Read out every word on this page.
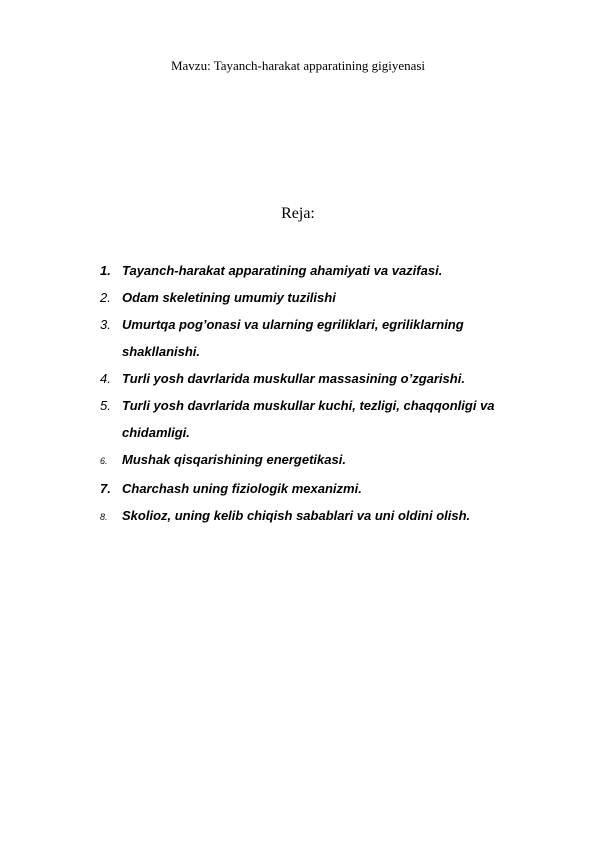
Mavzu: Tayanch-harakat apparatining gigiyenasi
Reja:
1. Tayanch-harakat apparatining ahamiyati va vazifasi.
2. Odam skeletining umumiy tuzilishi
3. Umurtqa pog’onasi va ularning egriliklari, egriliklarning shakllanishi.
4. Turli yosh davrlarida muskullar massasining o’zgarishi.
5. Turli yosh davrlarida muskullar kuchi, tezligi, chaqqonligi va chidamligi.
6.	Mushak qisqarishining energetikasi.
7. Charchash uning fiziologik mexanizmi.
8.	Skolioz, uning kelib chiqish sabablari va uni oldini olish.
